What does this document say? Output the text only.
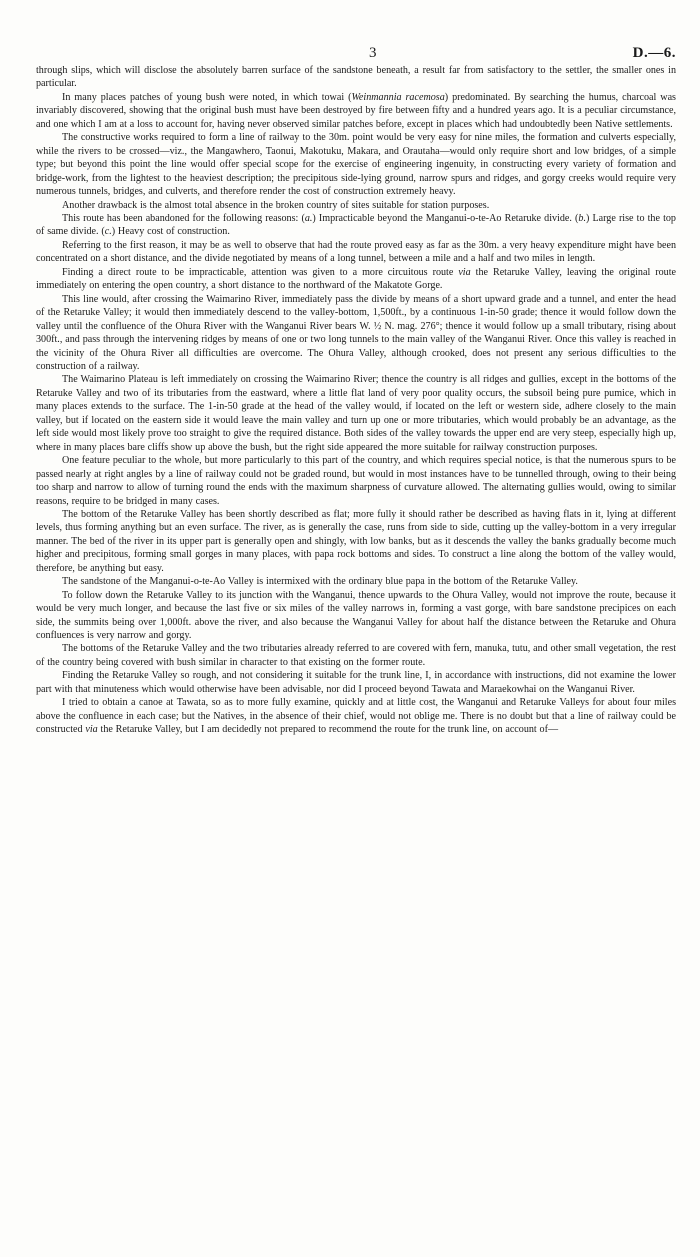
3	D.—6.

through slips, which will disclose the absolutely barren surface of the sandstone beneath, a result far from satisfactory to the settler, the smaller ones in particular.

In many places patches of young bush were noted, in which towai (Weinmannia racemosa) predominated. By searching the humus, charcoal was invariably discovered, showing that the original bush must have been destroyed by fire between fifty and a hundred years ago. It is a peculiar circumstance, and one which I am at a loss to account for, having never observed similar patches before, except in places which had undoubtedly been Native settlements.

The constructive works required to form a line of railway to the 30m. point would be very easy for nine miles, the formation and culverts especially, while the rivers to be crossed—viz., the Mangawhero, Taonui, Makotuku, Makara, and Orautaha—would only require short and low bridges, of a simple type; but beyond this point the line would offer special scope for the exercise of engineering ingenuity, in constructing every variety of formation and bridge-work, from the lightest to the heaviest description; the precipitous side-lying ground, narrow spurs and ridges, and gorgy creeks would require very numerous tunnels, bridges, and culverts, and therefore render the cost of construction extremely heavy.

Another drawback is the almost total absence in the broken country of sites suitable for station purposes.

This route has been abandoned for the following reasons: (a.) Impracticable beyond the Manganui-o-te-Ao Retaruke divide. (b.) Large rise to the top of same divide. (c.) Heavy cost of construction.

Referring to the first reason, it may be as well to observe that had the route proved easy as far as the 30m. a very heavy expenditure might have been concentrated on a short distance, and the divide negotiated by means of a long tunnel, between a mile and a half and two miles in length.

Finding a direct route to be impracticable, attention was given to a more circuitous route via the Retaruke Valley, leaving the original route immediately on entering the open country, a short distance to the northward of the Makatote Gorge.

This line would, after crossing the Waimarino River, immediately pass the divide by means of a short upward grade and a tunnel, and enter the head of the Retaruke Valley; it would then immediately descend to the valley-bottom, 1,500ft., by a continuous 1-in-50 grade; thence it would follow down the valley until the confluence of the Ohura River with the Wanganui River bears W. ½ N. mag. 276°; thence it would follow up a small tributary, rising about 300ft., and pass through the intervening ridges by means of one or two long tunnels to the main valley of the Wanganui River. Once this valley is reached in the vicinity of the Ohura River all difficulties are overcome. The Ohura Valley, although crooked, does not present any serious difficulties to the construction of a railway.

The Waimarino Plateau is left immediately on crossing the Waimarino River; thence the country is all ridges and gullies, except in the bottoms of the Retaruke Valley and two of its tributaries from the eastward, where a little flat land of very poor quality occurs, the subsoil being pure pumice, which in many places extends to the surface. The 1-in-50 grade at the head of the valley would, if located on the left or western side, adhere closely to the main valley, but if located on the eastern side it would leave the main valley and turn up one or more tributaries, which would probably be an advantage, as the left side would most likely prove too straight to give the required distance. Both sides of the valley towards the upper end are very steep, especially high up, where in many places bare cliffs show up above the bush, but the right side appeared the more suitable for railway construction purposes.

One feature peculiar to the whole, but more particularly to this part of the country, and which requires special notice, is that the numerous spurs to be passed nearly at right angles by a line of railway could not be graded round, but would in most instances have to be tunnelled through, owing to their being too sharp and narrow to allow of turning round the ends with the maximum sharpness of curvature allowed. The alternating gullies would, owing to similar reasons, require to be bridged in many cases.

The bottom of the Retaruke Valley has been shortly described as flat; more fully it should rather be described as having flats in it, lying at different levels, thus forming anything but an even surface. The river, as is generally the case, runs from side to side, cutting up the valley-bottom in a very irregular manner. The bed of the river in its upper part is generally open and shingly, with low banks, but as it descends the valley the banks gradually become much higher and precipitous, forming small gorges in many places, with papa rock bottoms and sides. To construct a line along the bottom of the valley would, therefore, be anything but easy.

The sandstone of the Manganui-o-te-Ao Valley is intermixed with the ordinary blue papa in the bottom of the Retaruke Valley.

To follow down the Retaruke Valley to its junction with the Wanganui, thence upwards to the Ohura Valley, would not improve the route, because it would be very much longer, and because the last five or six miles of the valley narrows in, forming a vast gorge, with bare sandstone precipices on each side, the summits being over 1,000ft. above the river, and also because the Wanganui Valley for about half the distance between the Retaruke and Ohura confluences is very narrow and gorgy.

The bottoms of the Retaruke Valley and the two tributaries already referred to are covered with fern, manuka, tutu, and other small vegetation, the rest of the country being covered with bush similar in character to that existing on the former route.

Finding the Retaruke Valley so rough, and not considering it suitable for the trunk line, I, in accordance with instructions, did not examine the lower part with that minuteness which would otherwise have been advisable, nor did I proceed beyond Tawata and Maraekowhai on the Wanganui River.

I tried to obtain a canoe at Tawata, so as to more fully examine, quickly and at little cost, the Wanganui and Retaruke Valleys for about four miles above the confluence in each case; but the Natives, in the absence of their chief, would not oblige me. There is no doubt but that a line of railway could be constructed via the Retaruke Valley, but I am decidedly not prepared to recommend the route for the trunk line, on account of—
